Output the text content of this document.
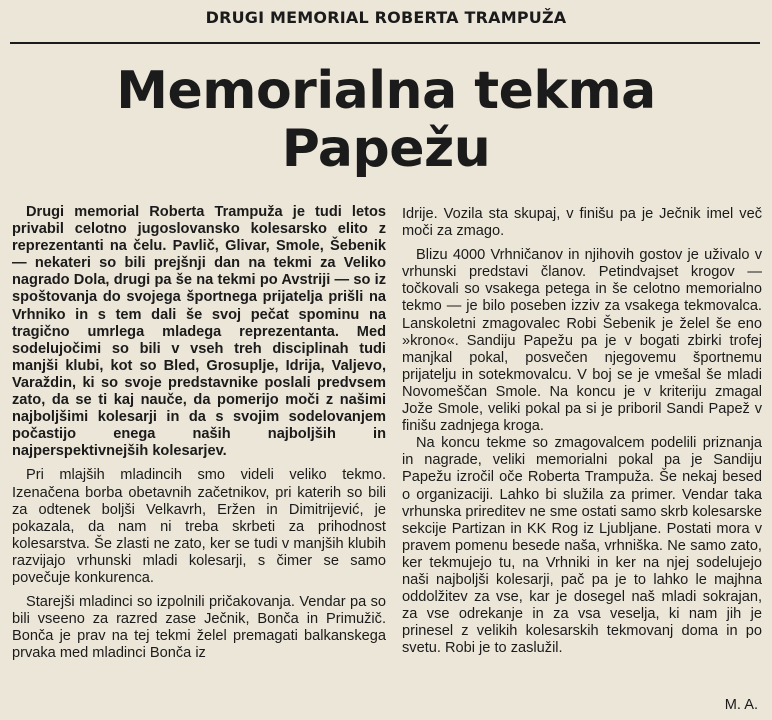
DRUGI MEMORIAL ROBERTA TRAMPUŽA
Memorialna tekma
Papežu

Drugi memorial Roberta Trampuža je tudi letos privabil celotno jugoslovansko kolesarsko elito z reprezentanti na čelu. Pavlič, Glivar, Smole, Šebenik — nekateri so bili prejšnji dan na tekmi za Veliko nagrado Dola, drugi pa še na tekmi po Avstriji — so iz spoštovanja do svojega športnega prijatelja prišli na Vrhniko in s tem dali še svoj pečat spominu na tragično umrlega mladega reprezentanta. Med sodelujočimi so bili v vseh treh disciplinah tudi manjši klubi, kot so Bled, Grosuplje, Idrija, Valjevo, Varaždin, ki so svoje predstavnike poslali predvsem zato, da se ti kaj nauče, da pomerijo moči z našimi najboljšimi kolesarji in da s svojim sodelovanjem počastijo enega naših najboljših in najperspektivnejših kolesarjev.

Pri mlajših mladincih smo videli veliko tekmo. Izenačena borba obetavnih začetnikov, pri katerih so bili za odtenek boljši Velkavrh, Eržen in Dimitrijević, je pokazala, da nam ni treba skrbeti za prihodnost kolesarstva. Še zlasti ne zato, ker se tudi v manjših klubih razvijajo vrhunski mladi kolesarji, s čimer se samo povečuje konkurenca.

Starejši mladinci so izpolnili pričakovanja. Vendar pa so bili vseeno za razred zase Ječnik, Bonča in Primužič. Bonča je prav na tej tekmi želel premagati balkanskega prvaka med mladinci Bonča iz

Idrije. Vozila sta skupaj, v finišu pa je Ječnik imel več moči za zmago.

Blizu 4000 Vrhničanov in njihovih gostov je uživalo v vrhunski predstavi članov. Petindvajset krogov — točkovali so vsakega petega in še celotno memorialno tekmo — je bilo poseben izziv za vsakega tekmovalca. Lanskoletni zmagovalec Robi Šebenik je želel še eno »krono«. Sandiju Papežu pa je v bogati zbirki trofej manjkal pokal, posvečen njegovemu športnemu prijatelju in sotekmovalcu. V boj se je vmešal še mladi Novomeščan Smole. Na koncu je v kriteriju zmagal Jože Smole, veliki pokal pa si je priboril Sandi Papež v finišu zadnjega kroga.

Na koncu tekme so zmagovalcem podelili priznanja in nagrade, veliki memorialni pokal pa je Sandiju Papežu izročil oče Roberta Trampuža. Še nekaj besed o organizaciji. Lahko bi služila za primer. Vendar taka vrhunska prireditev ne sme ostati samo skrb kolesarske sekcije Partizan in KK Rog iz Ljubljane. Postati mora v pravem pomenu besede naša, vrhniška. Ne samo zato, ker tekmujejo tu, na Vrhniki in ker na njej sodelujejo naši najboljši kolesarji, pač pa je to lahko le majhna oddolžitev za vse, kar je dosegel naš mladi sokrajan, za vse odrekanje in za vsa veselja, ki nam jih je prinesel z velikih kolesarskih tekmovanj doma in po svetu. Robi je to zaslužil.

M. A.
